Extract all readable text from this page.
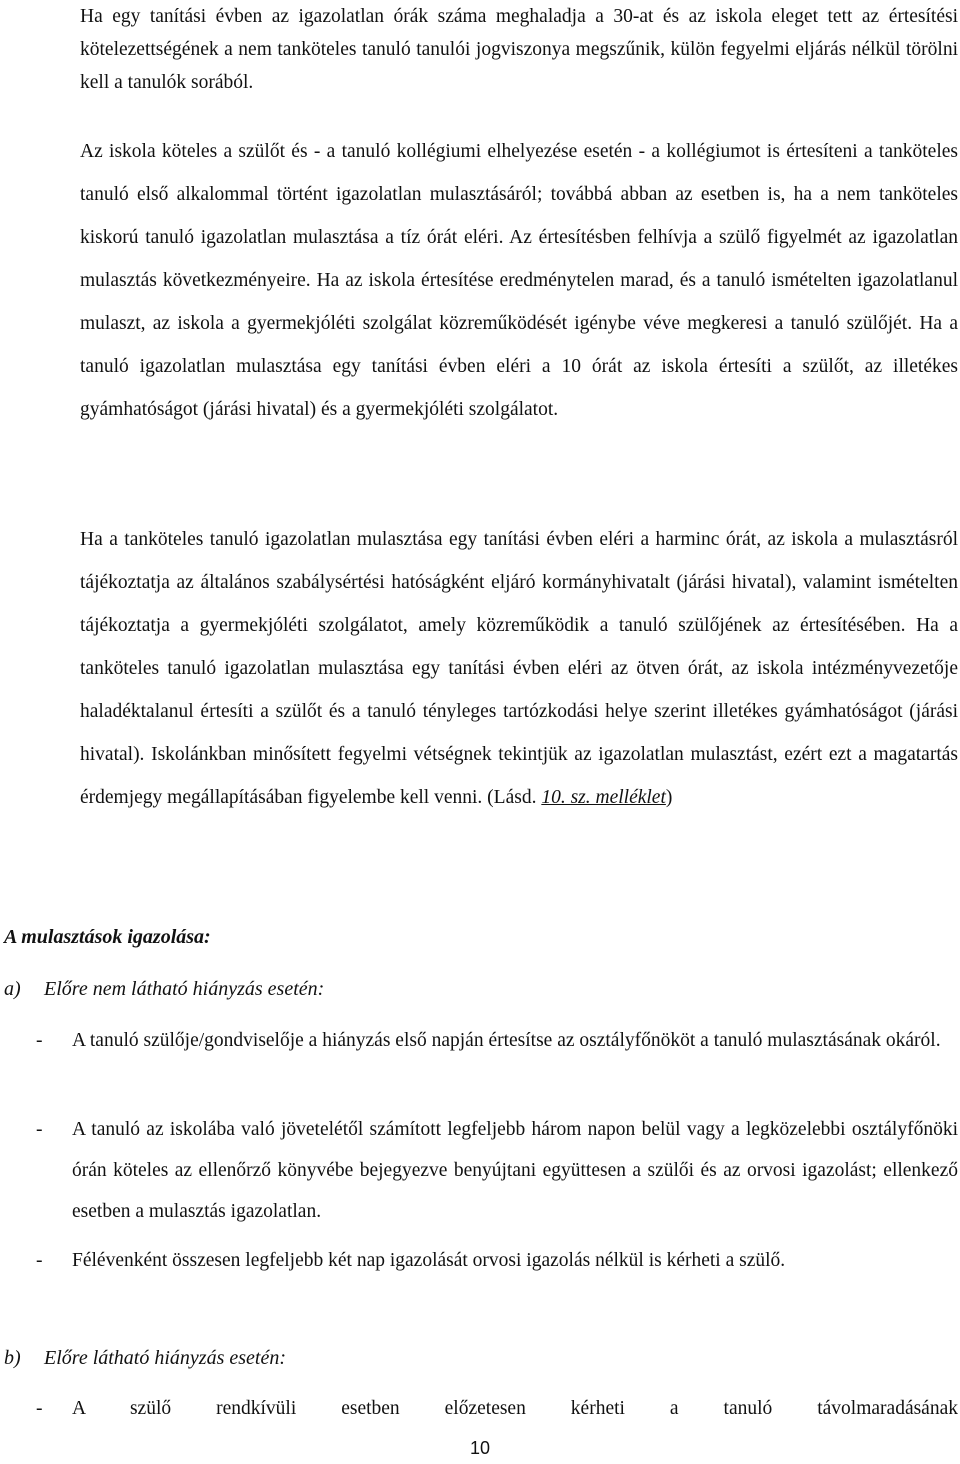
Ha egy tanítási évben az igazolatlan órák száma meghaladja a 30-at és az iskola eleget tett az értesítési kötelezettségének a nem tanköteles tanuló tanulói jogviszonya megszűnik, külön fegyelmi eljárás nélkül törölni kell a tanulók sorából.
Az iskola köteles a szülőt és - a tanuló kollégiumi elhelyezése esetén - a kollégiumot is értesíteni a tanköteles tanuló első alkalommal történt igazolatlan mulasztásáról; továbbá abban az esetben is, ha a nem tanköteles kiskorú tanuló igazolatlan mulasztása a tíz órát eléri. Az értesítésben felhívja a szülő figyelmét az igazolatlan mulasztás következményeire. Ha az iskola értesítése eredménytelen marad, és a tanuló ismételten igazolatlanul mulaszt, az iskola a gyermekjóléti szolgálat közreműködését igénybe véve megkeresi a tanuló szülőjét. Ha a tanuló igazolatlan mulasztása egy tanítási évben eléri a 10 órát az iskola értesíti a szülőt, az illetékes gyámhatóságot (járási hivatal) és a gyermekjóléti szolgálatot.
Ha a tanköteles tanuló igazolatlan mulasztása egy tanítási évben eléri a harminc órát, az iskola a mulasztásról tájékoztatja az általános szabálysértési hatóságként eljáró kormányhivatalt (járási hivatal), valamint ismételten tájékoztatja a gyermekjóléti szolgálatot, amely közreműködik a tanuló szülőjének az értesítésében. Ha a tanköteles tanuló igazolatlan mulasztása egy tanítási évben eléri az ötven órát, az iskola intézményvezetője haladéktalanul értesíti a szülőt és a tanuló tényleges tartózkodási helye szerint illetékes gyámhatóságot (járási hivatal). Iskolánkban minősített fegyelmi vétségnek tekintjük az igazolatlan mulasztást, ezért ezt a magatartás érdemjegy megállapításában figyelembe kell venni. (Lásd. 10. sz. melléklet)
A mulasztások igazolása:
a) Előre nem látható hiányzás esetén:
-	A tanuló szülője/gondviselője a hiányzás első napján értesítse az osztályfőnököt a tanuló mulasztásának okáról.
-	A tanuló az iskolába való jövetelétől számított legfeljebb három napon belül vagy a legközelebbi osztályfőnöki órán köteles az ellenőrző könyvébe bejegyezve benyújtani együttesen a szülői és az orvosi igazolást; ellenkező esetben a mulasztás igazolatlan.
-	Félévenként összesen legfeljebb két nap igazolását orvosi igazolás nélkül is kérheti a szülő.
b) Előre látható hiányzás esetén:
-	A szülő rendkívüli esetben előzetesen kérheti a tanuló távolmaradásának
10
